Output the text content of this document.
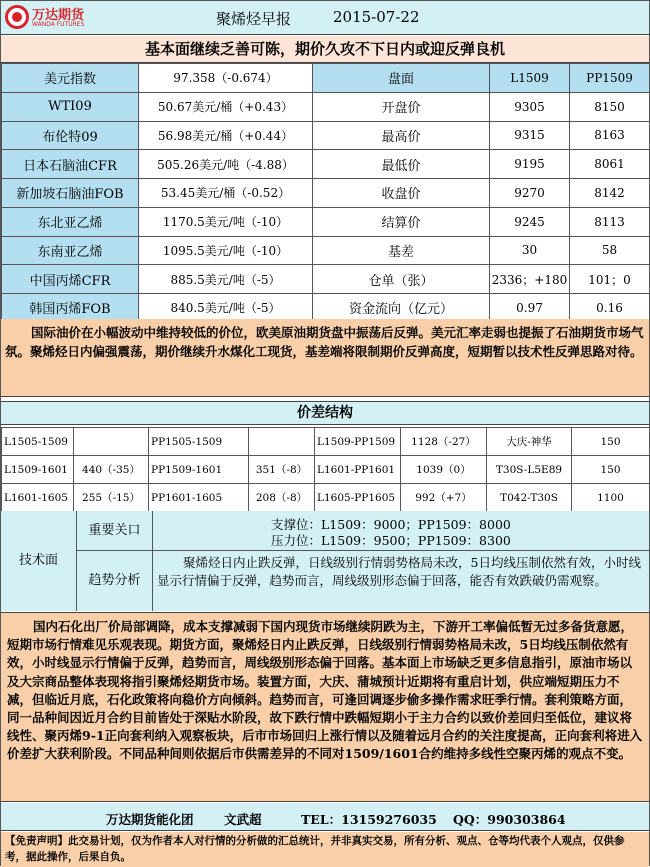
万达期货
WANDA FUTURES	聚烯烃早报	2015-07-22
基本面继续乏善可陈，期价久攻不下日内或迎反弹良机
美元指数	97.358（-0.674）	盘面	L1509	PP1509
WTI09	50.67美元/桶（+0.43）	开盘价	9305	8150
布伦特09	56.98美元/桶（+0.44）	最高价	9315	8163
日本石脑油CFR	505.26美元/吨（-4.88）	最低价	9195	8061
新加坡石脑油FOB	53.45美元/桶（-0.52）	收盘价	9270	8142
东北亚乙烯	1170.5美元/吨（-10）	结算价	9245	8113
东南亚乙烯	1095.5美元/吨（-10）	基差	30	58
中国丙烯CFR	885.5美元/吨（-5）	仓单（张）	2336；+180	101；0
韩国丙烯FOB	840.5美元/吨（-5）	资金流向（亿元）	0.97	0.16
国际油价在小幅波动中维持较低的价位，欧美原油期货盘中振荡后反弹。美元汇率走弱也提振了石油期货市场气氛。聚烯烃日内偏强震荡，期价继续升水煤化工现货，基差端将限制期价反弹高度，短期暂以技术性反弹思路对待。
价差结构
L1505-1509		PP1505-1509		L1509-PP1509	1128（-27）	大庆-神华	150
L1509-1601	440（-35）	PP1509-1601	351（-8）	L1601-PP1601	1039（0）	T30S-L5E89	150
L1601-1605	255（-15）	PP1601-1605	208（-8）	L1605-PP1605	992（+7）	T042-T30S	1100
技术面
重要关口	支撑位：L1509：9000；PP1509：8000
压力位：L1509：9500；PP1509：8300
趋势分析
聚烯烃日内止跌反弹，日线级别行情弱势格局未改，5日均线压制依然有效，小时线显示行情偏于反弹，趋势而言，周线级别形态偏于回落，能否有效跌破仍需观察。
国内石化出厂价局部调降，成本支撑减弱下国内现货市场继续阴跌为主，下游开工率偏低暂无过多备货意愿，短期市场行情难见乐观表现。期货方面，聚烯烃日内止跌反弹，日线级别行情弱势格局未改，5日均线压制依然有效，小时线显示行情偏于反弹，趋势而言，周线级别形态偏于回落。基本面上市场缺乏更多信息指引，原油市场以及大宗商品整体表现将指引聚烯烃期货市场。装置方面，大庆、蒲城预计近期将有重启计划，供应端短期压力不减，但临近月底，石化政策将向稳价方向倾斜。趋势而言，可逢回调逐步偷多操作需求旺季行情。套利策略方面，同一品种间因近月合约目前皆处于深贴水阶段，故下跌行情中跌幅短期小于主力合约以致价差回归至低位，建议将线性、聚丙烯9-1正向套利纳入观察板块，后市市场回归上涨行情以及随着远月合约的关注度提高，正向套利将进入价差扩大获利阶段。不同品种间则依据后市供需差异的不同对1509/1601合约维持多线性空聚丙烯的观点不变。
万达期货能化团 文武超	TEL：13159276035 QQ：990303864
【免责声明】此交易计划，仅为作者本人对行情的分析做的汇总统计，并非真实交易，所有分析、观点、仓等均代表个人观点，仅供参考，据此操作，后果自负。
